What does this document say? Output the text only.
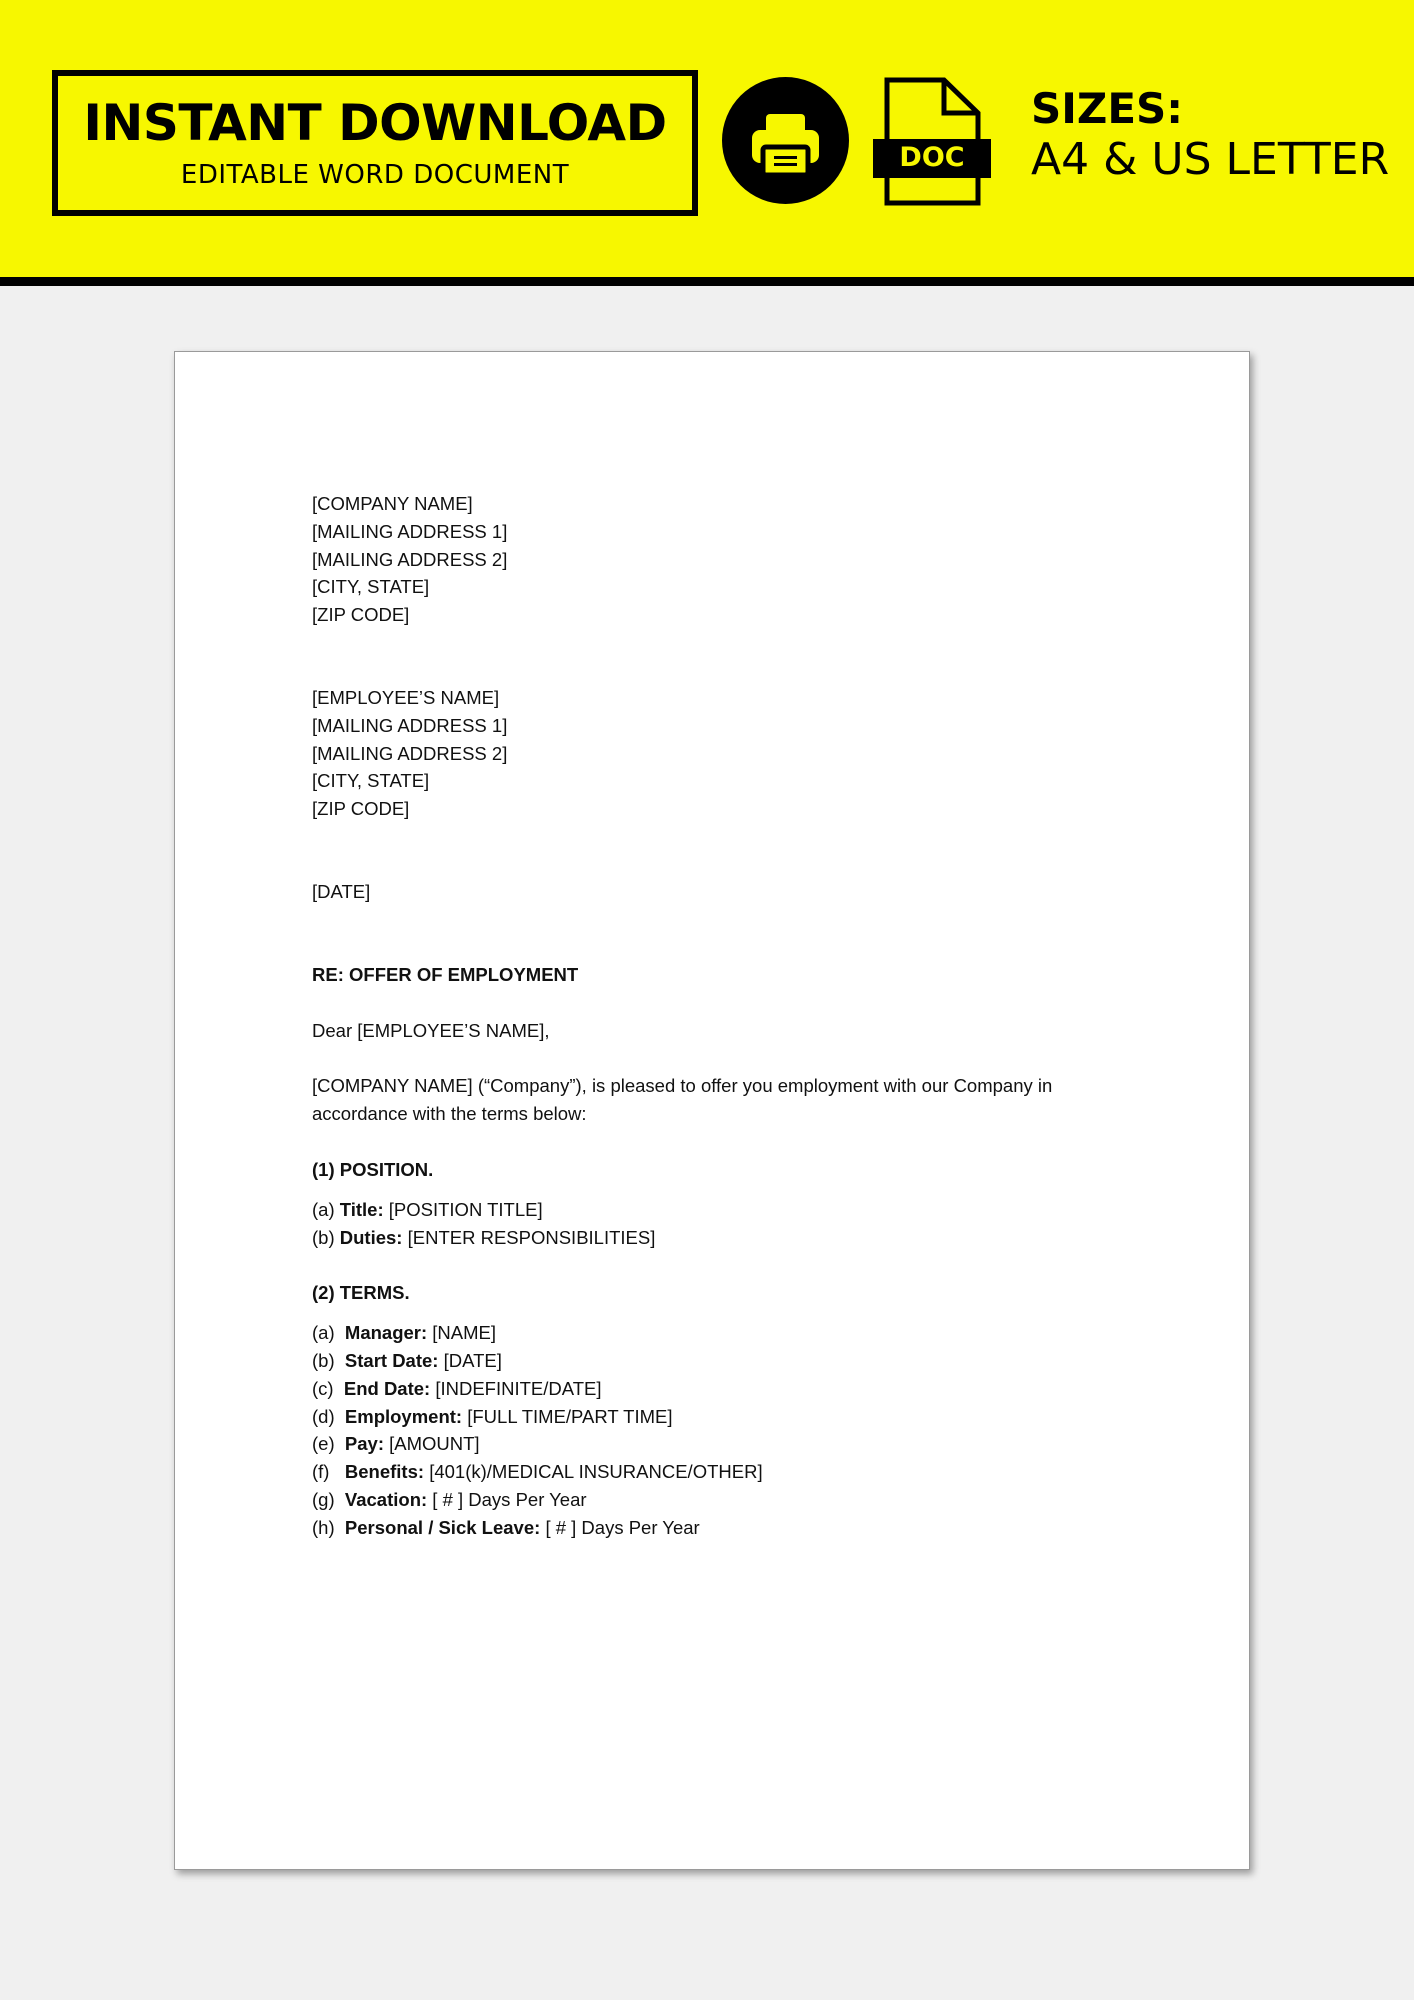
INSTANT DOWNLOAD
EDITABLE WORD DOCUMENT
DOC
SIZES:
A4 & US LETTER
[COMPANY NAME]
[MAILING ADDRESS 1]
[MAILING ADDRESS 2]
[CITY, STATE]
[ZIP CODE]
[EMPLOYEE’S NAME]
[MAILING ADDRESS 1]
[MAILING ADDRESS 2]
[CITY, STATE]
[ZIP CODE]
[DATE]
RE: OFFER OF EMPLOYMENT
Dear [EMPLOYEE’S NAME],
[COMPANY NAME] (“Company”), is pleased to offer you employment with our Company in accordance with the terms below:
(1) POSITION.
(a) Title: [POSITION TITLE]
(b) Duties: [ENTER RESPONSIBILITIES]
(2) TERMS.
(a) Manager: [NAME]
(b) Start Date: [DATE]
(c) End Date: [INDEFINITE/DATE]
(d) Employment: [FULL TIME/PART TIME]
(e) Pay: [AMOUNT]
(f) Benefits: [401(k)/MEDICAL INSURANCE/OTHER]
(g) Vacation: [ # ] Days Per Year
(h) Personal / Sick Leave: [ # ] Days Per Year
